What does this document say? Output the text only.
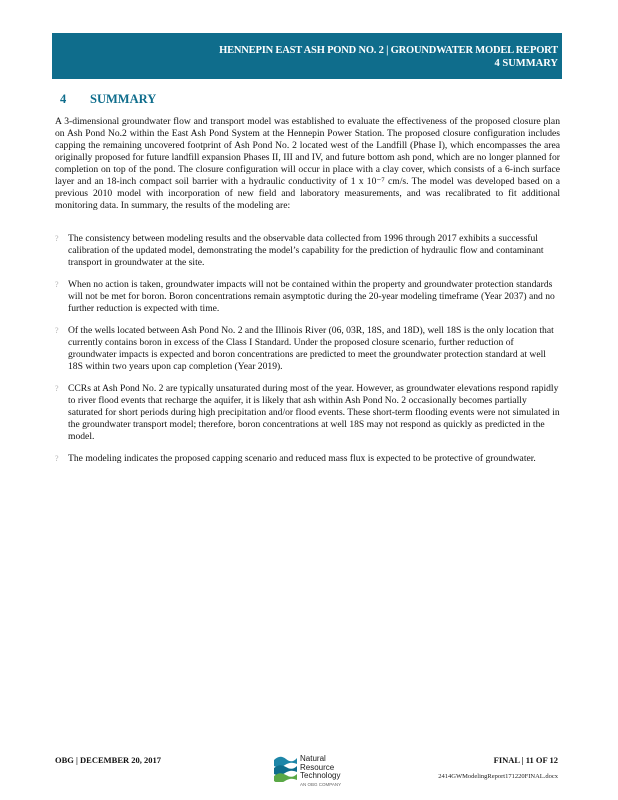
HENNEPIN EAST ASH POND NO. 2 | GROUNDWATER MODEL REPORT
4 SUMMARY
4 SUMMARY
A 3-dimensional groundwater flow and transport model was established to evaluate the effectiveness of the proposed closure plan on Ash Pond No.2 within the East Ash Pond System at the Hennepin Power Station. The proposed closure configuration includes capping the remaining uncovered footprint of Ash Pond No. 2 located west of the Landfill (Phase I), which encompasses the area originally proposed for future landfill expansion Phases II, III and IV, and future bottom ash pond, which are no longer planned for completion on top of the pond. The closure configuration will occur in place with a clay cover, which consists of a 6-inch surface layer and an 18-inch compact soil barrier with a hydraulic conductivity of 1 x 10⁻⁷ cm/s. The model was developed based on a previous 2010 model with incorporation of new field and laboratory measurements, and was recalibrated to fit additional monitoring data. In summary, the results of the modeling are:
? The consistency between modeling results and the observable data collected from 1996 through 2017 exhibits a successful calibration of the updated model, demonstrating the model’s capability for the prediction of hydraulic flow and contaminant transport in groundwater at the site.
? When no action is taken, groundwater impacts will not be contained within the property and groundwater protection standards will not be met for boron. Boron concentrations remain asymptotic during the 20-year modeling timeframe (Year 2037) and no further reduction is expected with time.
? Of the wells located between Ash Pond No. 2 and the Illinois River (06, 03R, 18S, and 18D), well 18S is the only location that currently contains boron in excess of the Class I Standard. Under the proposed closure scenario, further reduction of groundwater impacts is expected and boron concentrations are predicted to meet the groundwater protection standard at well 18S within two years upon cap completion (Year 2019).
? CCRs at Ash Pond No. 2 are typically unsaturated during most of the year. However, as groundwater elevations respond rapidly to river flood events that recharge the aquifer, it is likely that ash within Ash Pond No. 2 occasionally becomes partially saturated for short periods during high precipitation and/or flood events. These short-term flooding events were not simulated in the groundwater transport model; therefore, boron concentrations at well 18S may not respond as quickly as predicted in the model.
? The modeling indicates the proposed capping scenario and reduced mass flux is expected to be protective of groundwater.
OBG | DECEMBER 20, 2017	FINAL | 11 OF 12
2414GWModelingReport171220FINAL.docx
Natural
Resource
Technology
AN OBG COMPANY
